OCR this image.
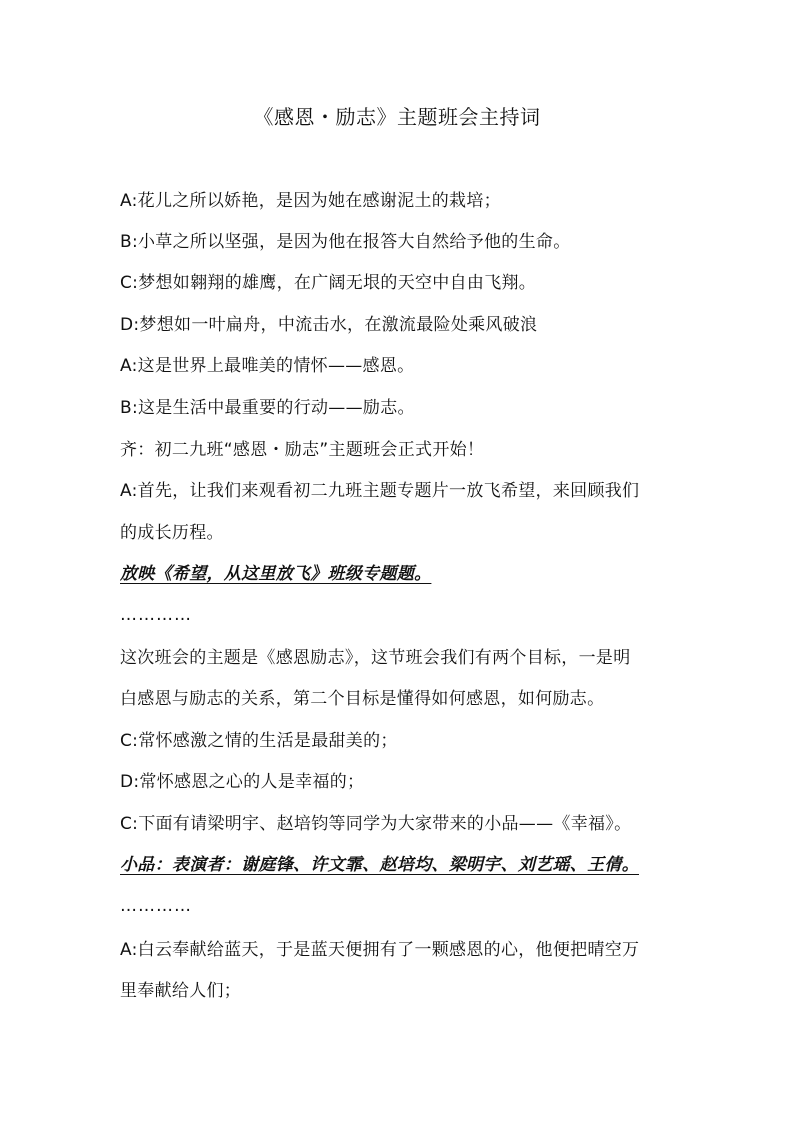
《感恩・励志》主题班会主持词
A:花儿之所以娇艳，是因为她在感谢泥土的栽培；
B:小草之所以坚强，是因为他在报答大自然给予他的生命。
C:梦想如翱翔的雄鹰，在广阔无垠的天空中自由飞翔。
D:梦想如一叶扁舟，中流击水，在激流最险处乘风破浪
A:这是世界上最唯美的情怀——感恩。
B:这是生活中最重要的行动——励志。
齐：初二九班“感恩・励志”主题班会正式开始！
A:首先，让我们来观看初二九班主题专题片一放飞希望，来回顾我们
的成长历程。
放映《希望，从这里放飞》班级专题题。
…………
这次班会的主题是《感恩励志》，这节班会我们有两个目标，一是明
白感恩与励志的关系，第二个目标是懂得如何感恩，如何励志。
C:常怀感激之情的生活是最甜美的；
D:常怀感恩之心的人是幸福的；
C:下面有请梁明宇、赵培钧等同学为大家带来的小品——《幸福》。
小品：表演者：谢庭锋、许文霏、赵培均、梁明宇、刘艺瑶、王倩。
…………
A:白云奉献给蓝天，于是蓝天便拥有了一颗感恩的心，他便把晴空万
里奉献给人们；
